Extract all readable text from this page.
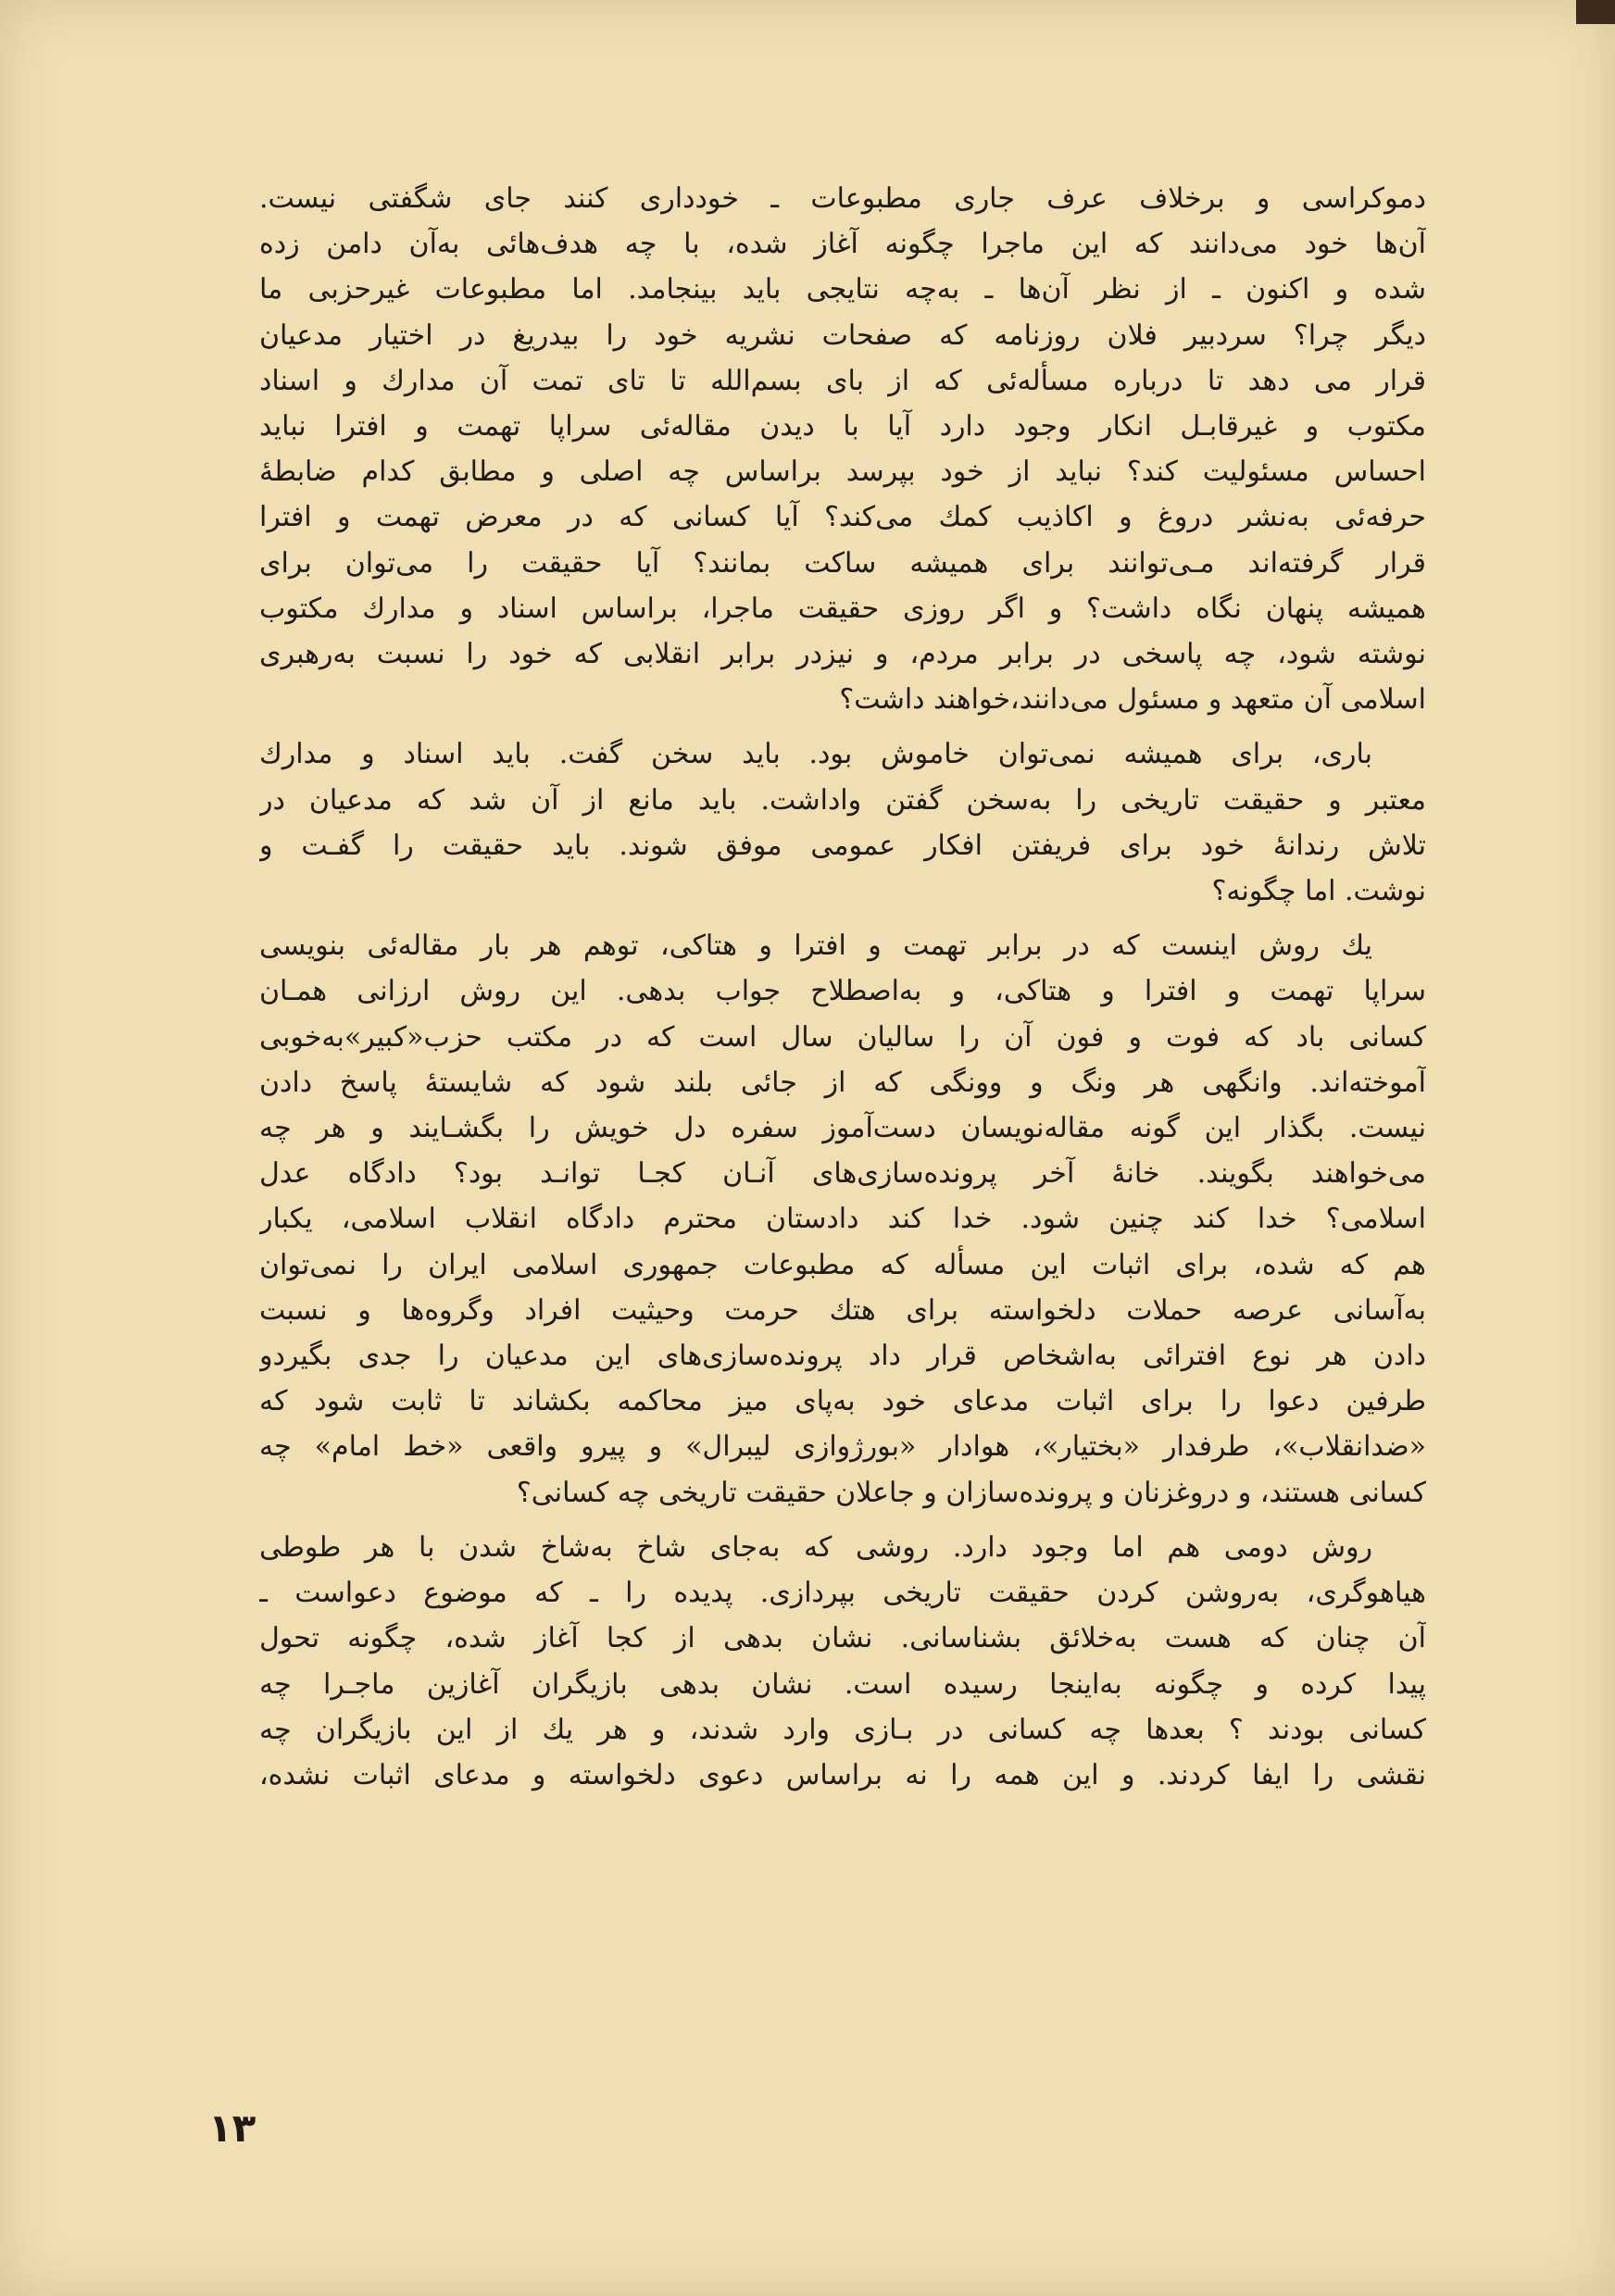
دموکراسی و برخلاف عرف جاری مطبوعات ـ خودداری کنند جای شگفتی نیست.
آن‌ها خود می‌دانند که این ماجرا چگونه آغاز شده، با چه هدف‌هائی به‌آن دامن زده
شده و اکنون ـ از نظر آن‌ها ـ به‌چه نتایجی باید بینجامد. اما مطبوعات غیرحزبی ما
دیگر چرا؟ سردبیر فلان روزنامه که صفحات نشریه خود را بیدریغ در اختیار مدعیان
قرار می دهد تا درباره مسأله‌ئی که از بای بسم‌الله تا تای تمت آن مدارك و اسناد
مکتوب و غیرقابـل انکار وجود دارد آیا با دیدن مقاله‌ئی سراپا تهمت و افترا نباید
احساس مسئولیت کند؟ نباید از خود بپرسد براساس چه اصلی و مطابق کدام ضابطهٔ
حرفه‌ئی به‌نشر دروغ و اکاذیب کمك می‌کند؟ آیا کسانی که در معرض تهمت و افترا
قرار گرفته‌اند مـی‌توانند برای همیشه ساکت بمانند؟ آیا حقیقت را می‌توان برای
همیشه پنهان نگاه داشت؟ و اگر روزی حقیقت ماجرا، براساس اسناد و مدارك مکتوب
نوشته شود، چه پاسخی در برابر مردم، و نیزدر برابر انقلابی که خود را نسبت به‌رهبری
اسلامی آن متعهد و مسئول می‌دانند،خواهند داشت؟
باری، برای همیشه نمی‌توان خاموش بود. باید سخن گفت. باید اسناد و مدارك
معتبر و حقیقت تاریخی را به‌سخن گفتن واداشت. باید مانع از آن شد که مدعیان در
تلاش رندانهٔ خود برای فریفتن افکار عمومی موفق شوند. باید حقیقت را گفـت و
نوشت. اما چگونه؟
یك روش اینست که در برابر تهمت و افترا و هتاکی، توهم هر بار مقاله‌ئی بنویسی
سراپا تهمت و افترا و هتاکی، و به‌اصطلاح جواب بدهی. این روش ارزانی همـان
کسانی باد که فوت و فون آن را سالیان سال است که در مکتب حزب«کبیر»به‌خوبی
آموخته‌اند. وانگهی هر ونگ و وونگی که از جائی بلند شود که شایستهٔ پاسخ دادن
نیست. بگذار این گونه مقاله‌نویسان دست‌آموز سفره دل خویش را بگشـایند و هر چه
می‌خواهند بگویند. خانهٔ آخر پرونده‌سازی‌های آنـان کجـا توانـد بود؟ دادگاه عدل
اسلامی؟ خدا کند چنین شود. خدا کند دادستان محترم دادگاه انقلاب اسلامی، یکبار
هم که شده، برای اثبات این مسأله که مطبوعات جمهوری اسلامی ایران را نمی‌توان
به‌آسانی عرصه حملات دلخواسته برای هتك حرمت وحیثیت افراد وگروه‌ها و نسبت
دادن هر نوع افترائی به‌اشخاص قرار داد پرونده‌سازی‌های این مدعیان را جدی بگیردو
طرفین دعوا را برای اثبات مدعای خود به‌پای میز محاکمه بکشاند تا ثابت شود که
«ضدانقلاب»، طرفدار «بختیار»، هوادار «بورژوازی لیبرال» و پیرو واقعی «خط امام» چه
کسانی هستند، و دروغزنان و پرونده‌سازان و جاعلان حقیقت تاریخی چه کسانی؟
روش دومی هم اما وجود دارد. روشی که به‌جای شاخ به‌شاخ شدن با هر طوطی
هیاهوگری، به‌روشن کردن حقیقت تاریخی بپردازی. پدیده را ـ که موضوع دعواست ـ
آن چنان که هست به‌خلائق بشناسانی. نشان بدهی از کجا آغاز شده، چگونه تحول
پیدا کرده و چگونه به‌اینجا رسیده است. نشان بدهی بازیگران آغازین ماجـرا چه
کسانی بودند ؟ بعدها چه کسانی در بـازی وارد شدند، و هر یك از این بازیگران چه
نقشی را ایفا کردند. و این همه را نه براساس دعوی دلخواسته و مدعای اثبات نشده،
۱۳
